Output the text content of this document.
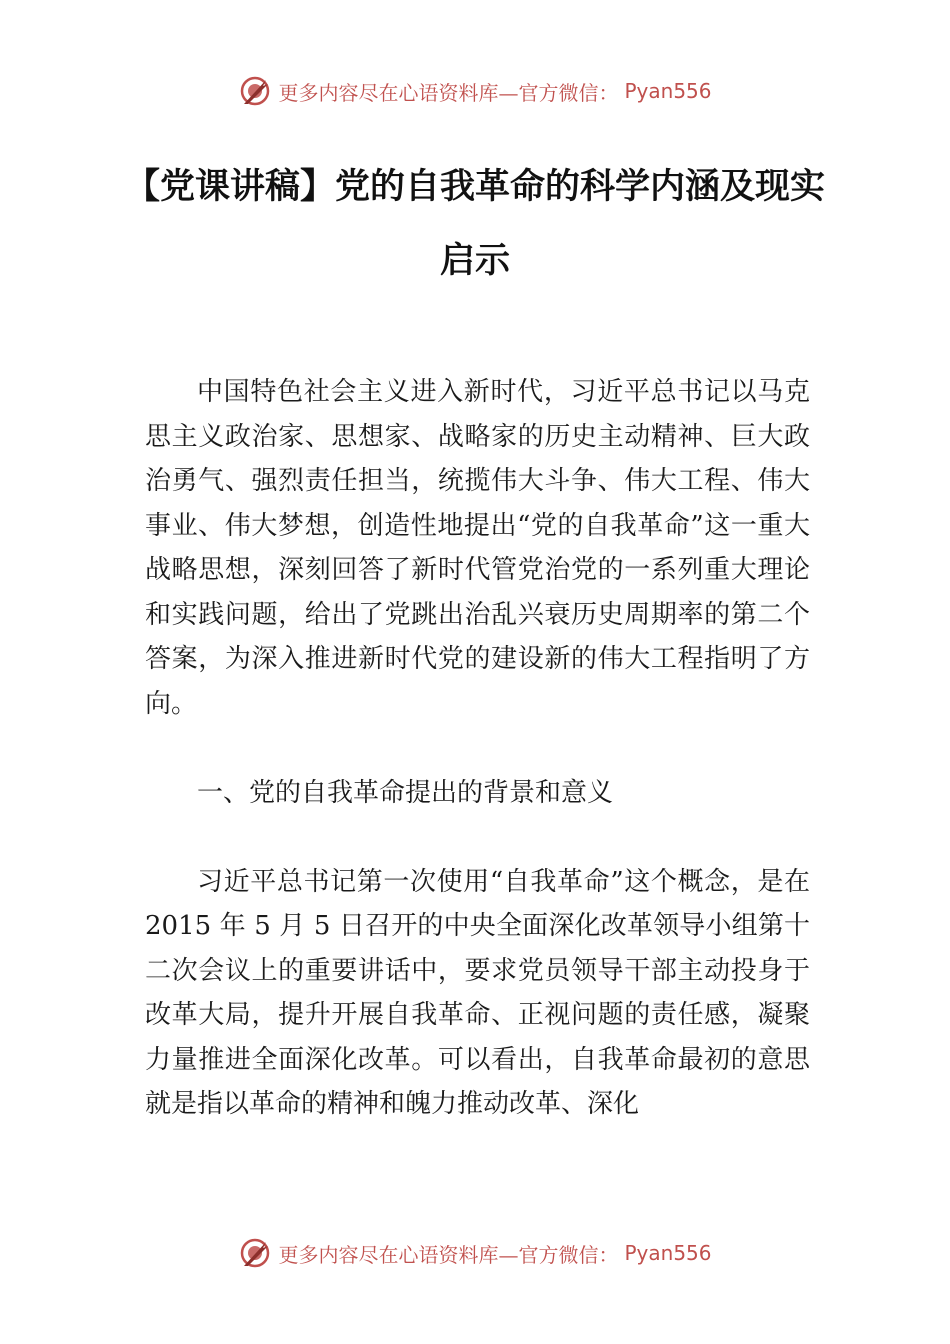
更多内容尽在心语资料库—官方微信： Pyan556
【党课讲稿】党的自我革命的科学内涵及现实启示

中国特色社会主义进入新时代，习近平总书记以马克思主义政治家、思想家、战略家的历史主动精神、巨大政治勇气、强烈责任担当，统揽伟大斗争、伟大工程、伟大事业、伟大梦想，创造性地提出“党的自我革命”这一重大战略思想，深刻回答了新时代管党治党的一系列重大理论和实践问题，给出了党跳出治乱兴衰历史周期率的第二个答案，为深入推进新时代党的建设新的伟大工程指明了方向。

一、党的自我革命提出的背景和意义

习近平总书记第一次使用“自我革命”这个概念，是在 2015 年 5 月 5 日召开的中央全面深化改革领导小组第十二次会议上的重要讲话中，要求党员领导干部主动投身于改革大局，提升开展自我革命、正视问题的责任感，凝聚力量推进全面深化改革。可以看出，自我革命最初的意思就是指以革命的精神和魄力推动改革、深化

更多内容尽在心语资料库—官方微信： Pyan556
